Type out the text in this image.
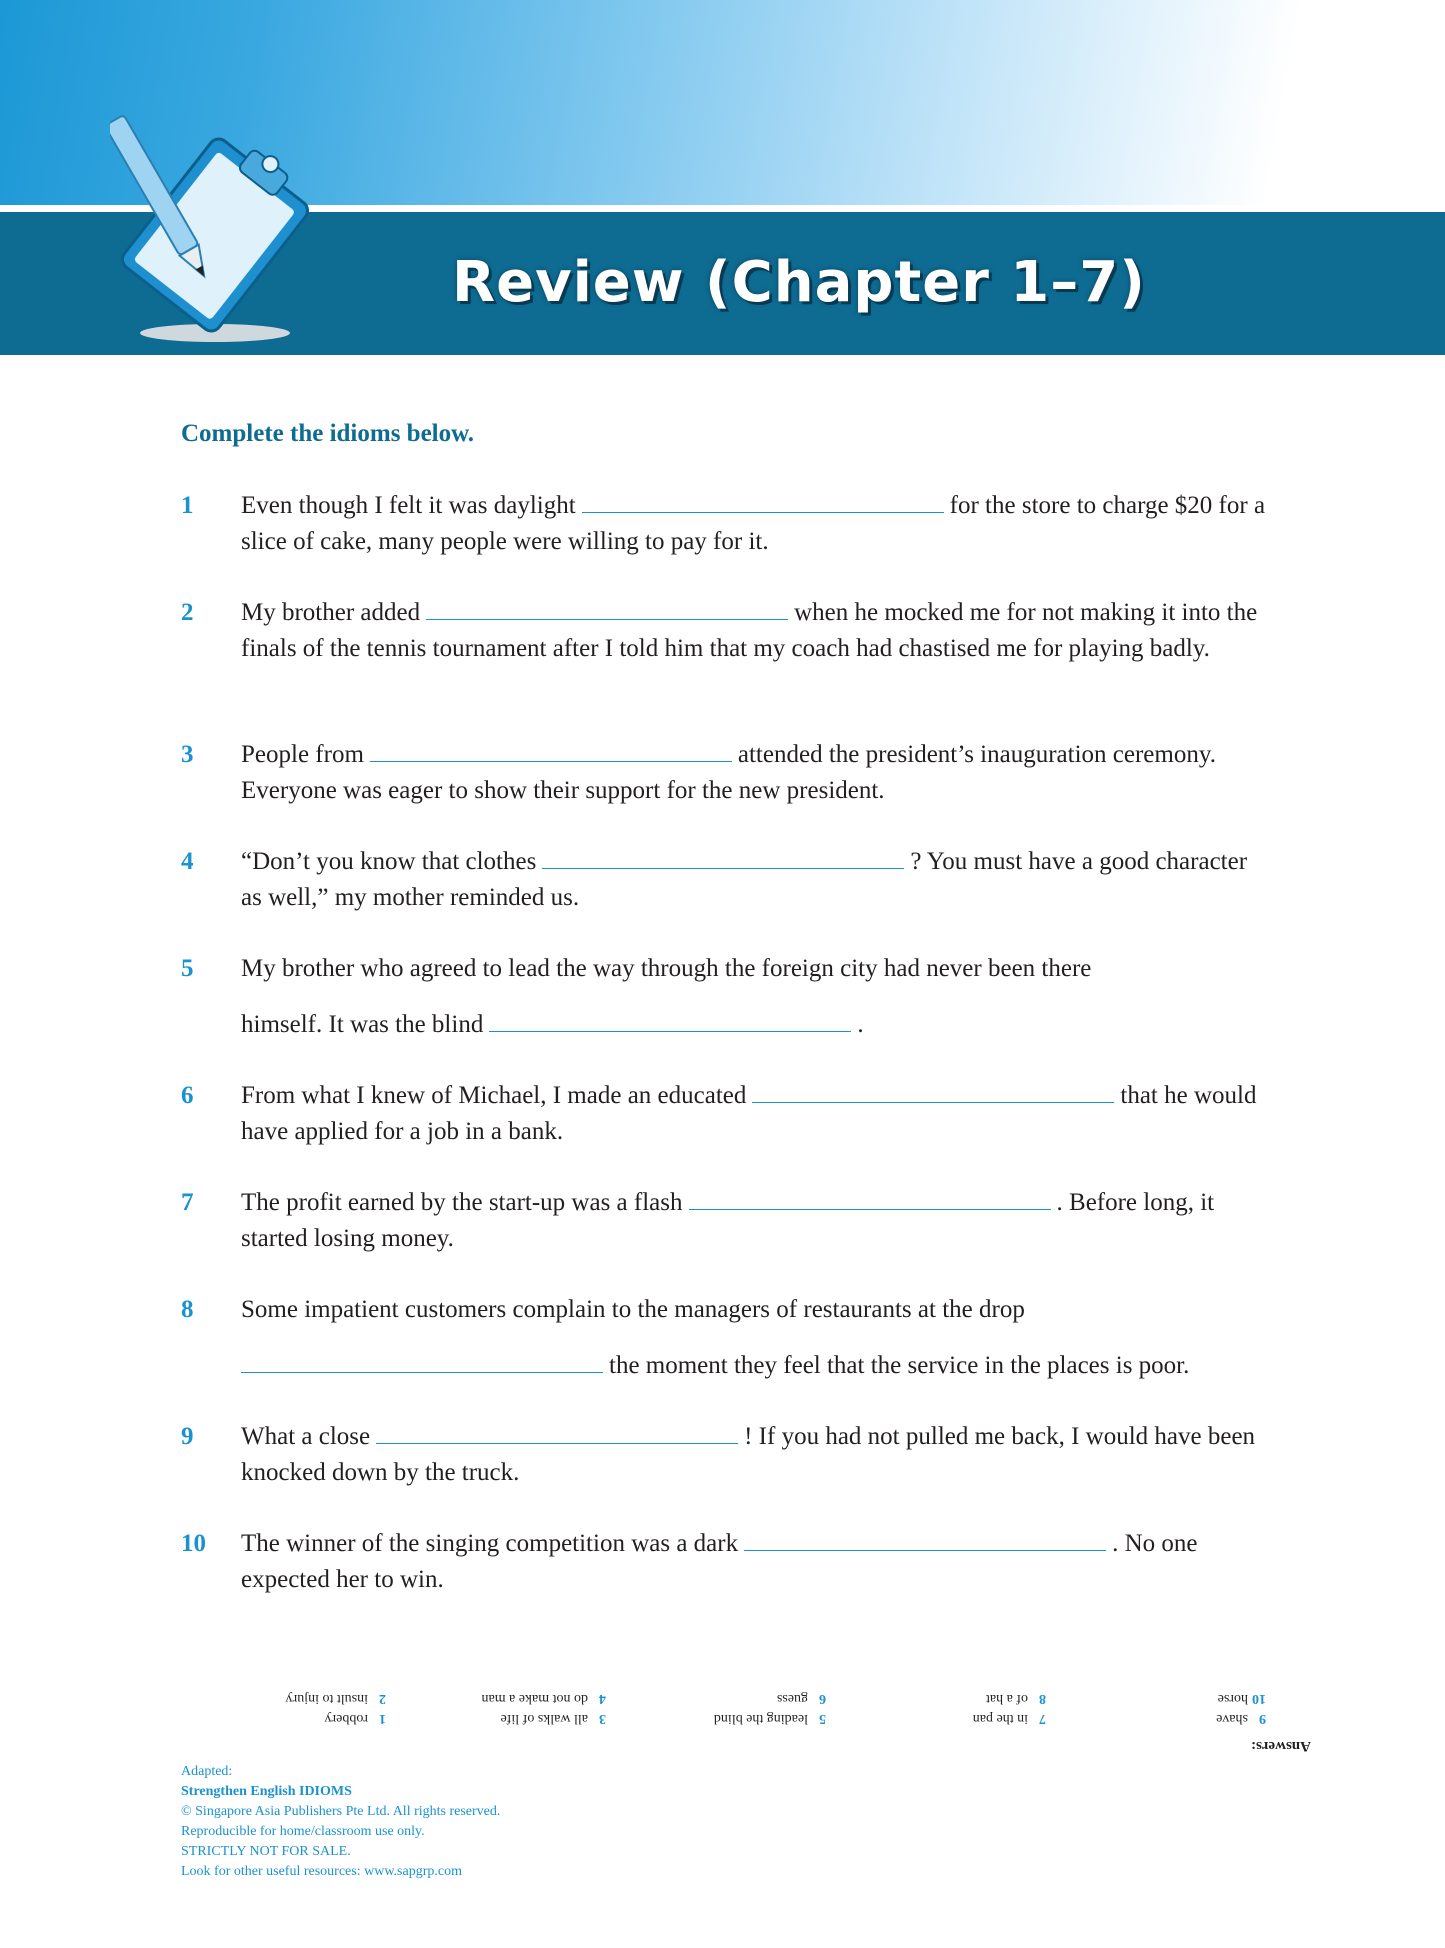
Review (Chapter 1–7)
Complete the idioms below.
1	Even though I felt it was daylight	for the store to charge $20 for a slice of cake, many people were willing to pay for it.
2	My brother added	when he mocked me for not making it into the finals of the tennis tournament after I told him that my coach had chastised me for playing badly.
3	People from	attended the president’s inauguration ceremony. Everyone was eager to show their support for the new president.
4	“Don’t you know that clothes	? You must have a good character as well,” my mother reminded us.
5	My brother who agreed to lead the way through the foreign city had never been there
himself. It was the blind	.
6	From what I knew of Michael, I made an educated	that he would have applied for a job in a bank.
7	The profit earned by the start-up was a flash	. Before long, it started losing money.
8	Some impatient customers complain to the managers of restaurants at the drop
the moment they feel that the service in the places is poor.
9	What a close	! If you had not pulled me back, I would have been knocked down by the truck.
10	The winner of the singing competition was a dark	. No one expected her to win.
1robbery
2insult to injury
3all walks of life
4do not make a man
5leading the blind
6guess
7in the pan
8of a hat
9shave
10horse
Answers:
Adapted:
Strengthen English IDIOMS
© Singapore Asia Publishers Pte Ltd. All rights reserved.
Reproducible for home/classroom use only.
STRICTLY NOT FOR SALE.
Look for other useful resources: www.sapgrp.com
